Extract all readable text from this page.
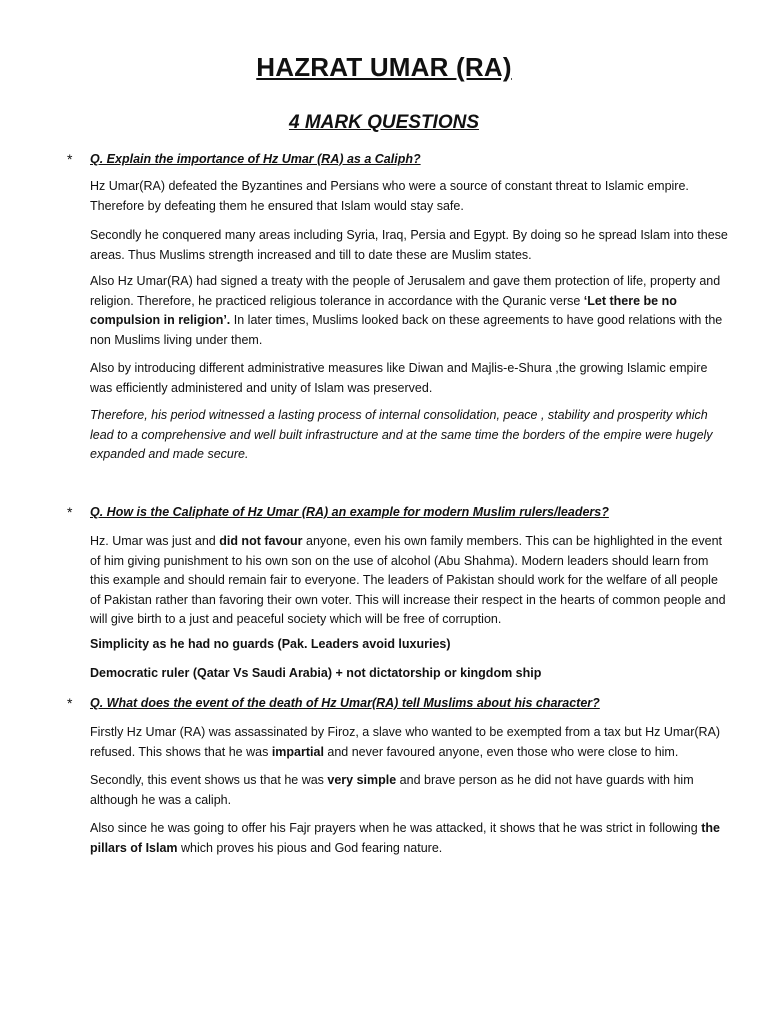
HAZRAT UMAR (RA)
4 MARK QUESTIONS
* Q. Explain the importance of Hz Umar (RA) as a Caliph?

Hz Umar(RA) defeated the Byzantines and Persians who were a source of constant threat to Islamic empire. Therefore by defeating them he ensured that Islam would stay safe.

Secondly he conquered many areas including Syria, Iraq, Persia and Egypt. By doing so he spread Islam into these areas. Thus Muslims strength increased and till to date these are Muslim states.

Also Hz Umar(RA) had signed a treaty with the people of Jerusalem and gave them protection of life, property and religion. Therefore, he practiced religious tolerance in accordance with the Quranic verse ‘Let there be no compulsion in religion’. In later times, Muslims looked back on these agreements to have good relations with the non Muslims living under them.

Also by introducing different administrative measures like Diwan and Majlis-e-Shura ,the growing Islamic empire was efficiently administered and unity of Islam was preserved.

Therefore, his period witnessed a lasting process of internal consolidation, peace , stability and prosperity which lead to a comprehensive and well built infrastructure and at the same time the borders of the empire were hugely expanded and made secure.

* Q. How is the Caliphate of Hz Umar (RA) an example for modern Muslim rulers/leaders?

Hz. Umar was just and did not favour anyone, even his own family members. This can be highlighted in the event of him giving punishment to his own son on the use of alcohol (Abu Shahma). Modern leaders should learn from this example and should remain fair to everyone. The leaders of Pakistan should work for the welfare of all people of Pakistan rather than favoring their own voter. This will increase their respect in the hearts of common people and will give birth to a just and peaceful society which will be free of corruption.

Simplicity as he had no guards (Pak. Leaders avoid luxuries)
Democratic ruler (Qatar Vs Saudi Arabia) + not dictatorship or kingdom ship
* Q. What does the event of the death of Hz Umar(RA) tell Muslims about his character?

Firstly Hz Umar (RA) was assassinated by Firoz, a slave who wanted to be exempted from a tax but Hz Umar(RA) refused. This shows that he was impartial and never favoured anyone, even those who were close to him.

Secondly, this event shows us that he was very simple and brave person as he did not have guards with him although he was a caliph.

Also since he was going to offer his Fajr prayers when he was attacked, it shows that he was strict in following the pillars of Islam which proves his pious and God fearing nature.
